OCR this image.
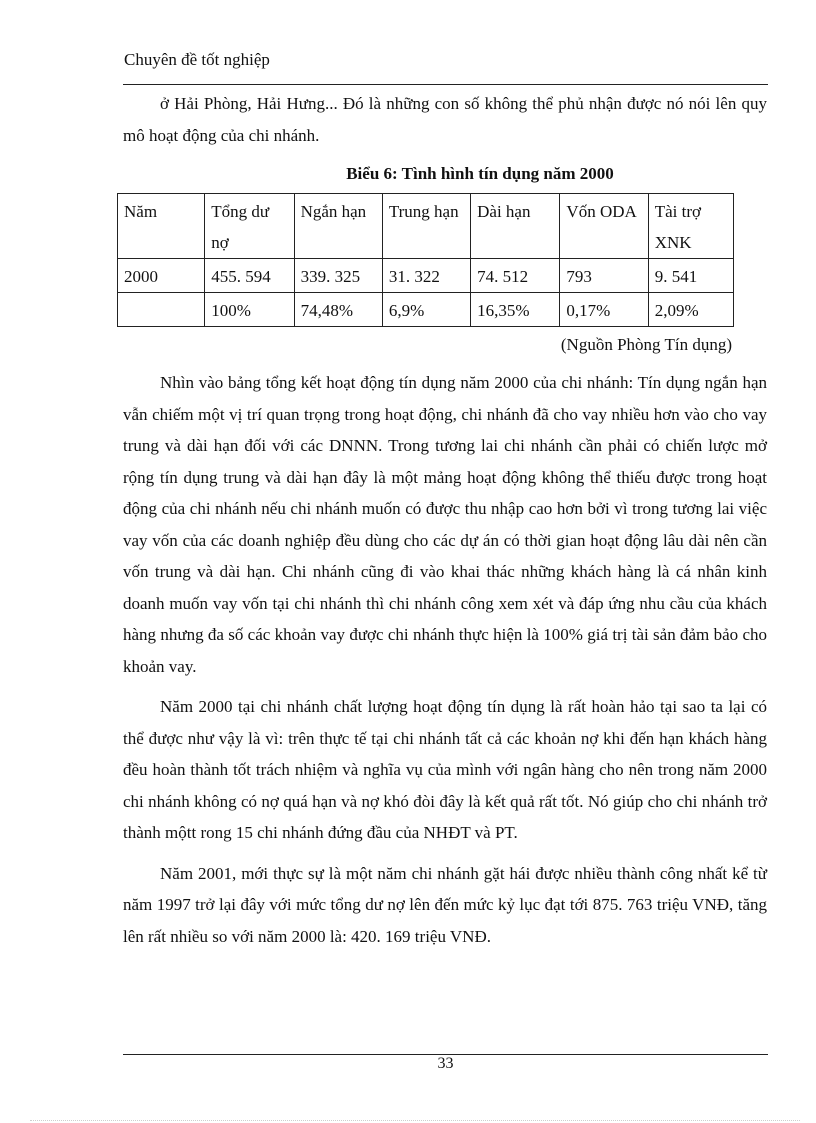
Chuyên đề tốt nghiệp

ở Hải Phòng, Hải Hưng... Đó là những con số không thể phủ nhận được nó nói lên quy mô hoạt động của chi nhánh.

Biểu 6: Tình hình tín dụng năm 2000
Năm	Tổng dư nợ	Ngắn hạn	Trung hạn	Dài hạn	Vốn ODA	Tài trợ XNK
2000	455. 594	339. 325	31. 322	74. 512	793	9. 541
	100%	74,48%	6,9%	16,35%	0,17%	2,09%
(Nguồn Phòng Tín dụng)

Nhìn vào bảng tổng kết hoạt động tín dụng năm 2000 của chi nhánh: Tín dụng ngắn hạn vẫn chiếm một vị trí quan trọng trong hoạt động, chi nhánh đã cho vay nhiều hơn vào cho vay trung và dài hạn đối với các DNNN. Trong tương lai chi nhánh cần phải có chiến lược mở rộng tín dụng trung và dài hạn đây là một mảng hoạt động không thể thiếu được trong hoạt động của chi nhánh nếu chi nhánh muốn có được thu nhập cao hơn bởi vì trong tương lai việc vay vốn của các doanh nghiệp đều dùng cho các dự án có thời gian hoạt động lâu dài nên cần vốn trung và dài hạn. Chi nhánh cũng đi vào khai thác những khách hàng là cá nhân kinh doanh muốn vay vốn tại chi nhánh thì chi nhánh công xem xét và đáp ứng nhu cầu của khách hàng nhưng đa số các khoản vay được chi nhánh thực hiện là 100% giá trị tài sản đảm bảo cho khoản vay.

Năm 2000 tại chi nhánh chất lượng hoạt động tín dụng là rất hoàn hảo tại sao ta lại có thể được như vậy là vì: trên thực tế tại chi nhánh tất cả các khoản nợ khi đến hạn khách hàng đều hoàn thành tốt trách nhiệm và nghĩa vụ của mình với ngân hàng cho nên trong năm 2000 chi nhánh không có nợ quá hạn và nợ khó đòi đây là kết quả rất tốt. Nó giúp cho chi nhánh trở thành mộtt rong 15 chi nhánh đứng đầu của NHĐT và PT.

Năm 2001, mới thực sự là một năm chi nhánh gặt hái được nhiều thành công nhất kể từ năm 1997 trở lại đây với mức tổng dư nợ lên đến mức kỷ lục đạt tới 875. 763 triệu VNĐ, tăng lên rất nhiều so với năm 2000 là: 420. 169 triệu VNĐ.

33
